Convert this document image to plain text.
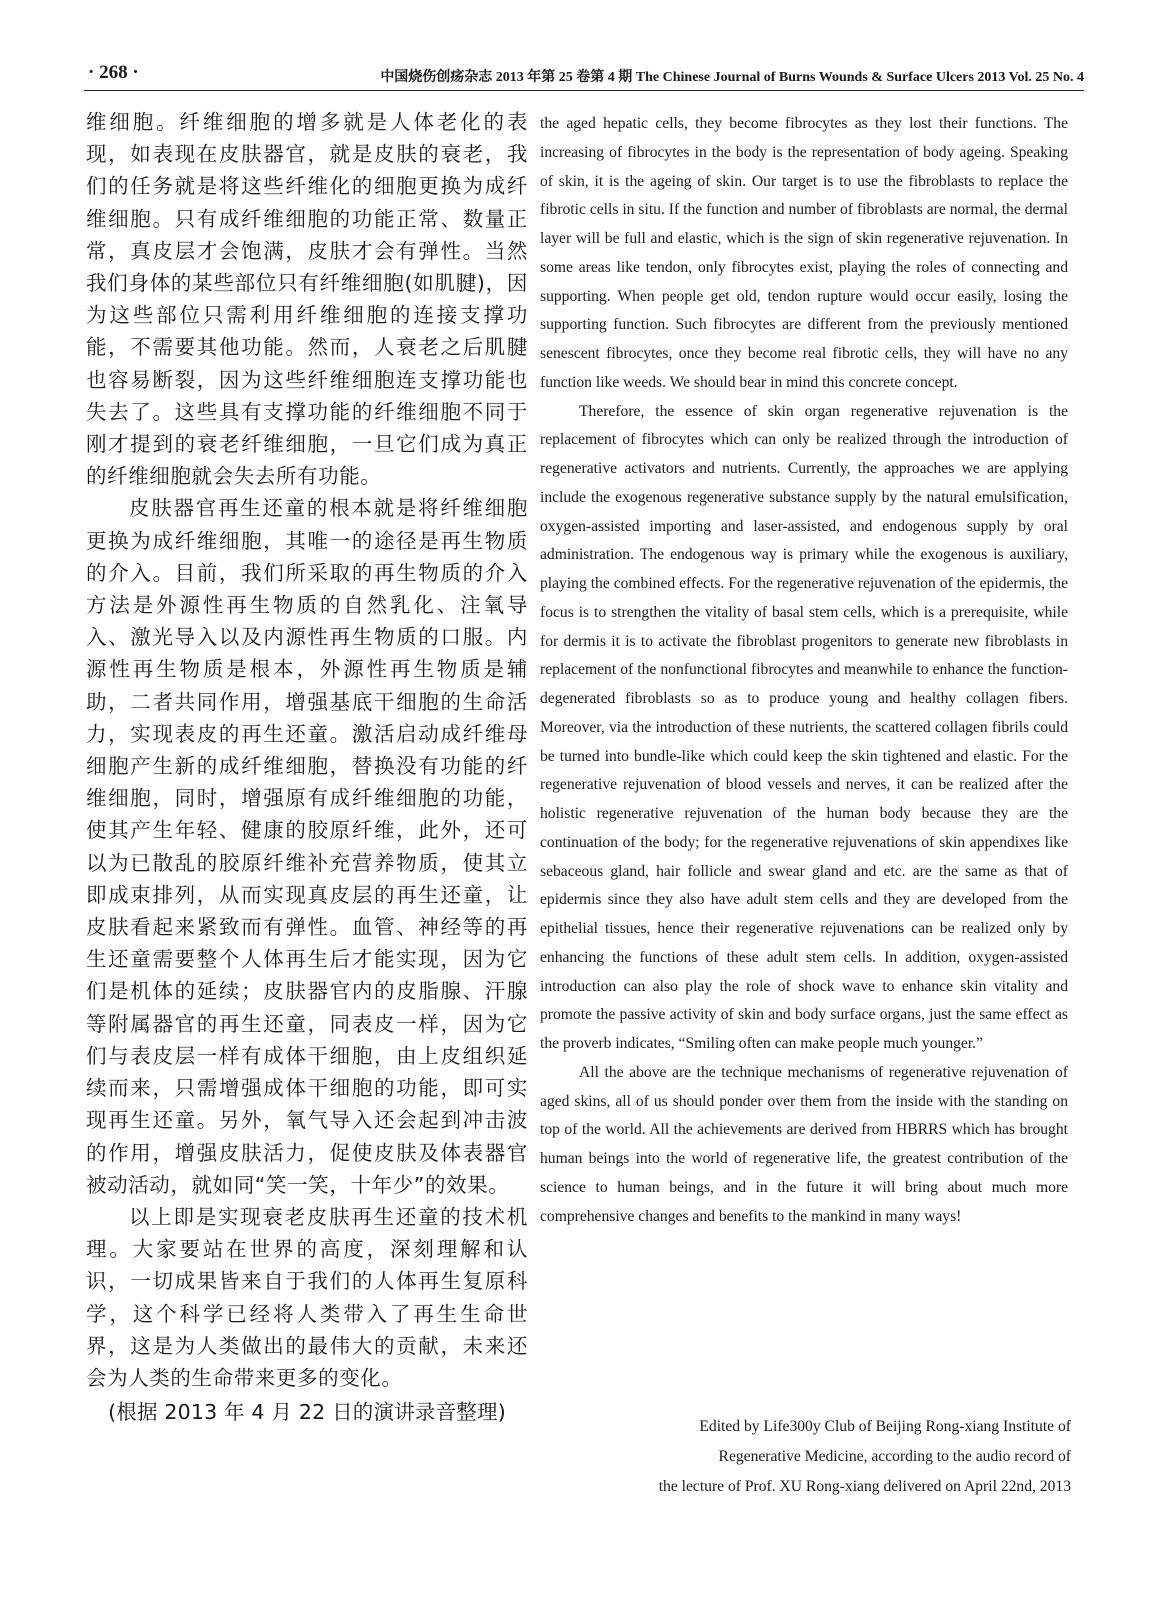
· 268 ·	中国烧伤创疡杂志 2013 年第 25 卷第 4 期 The Chinese Journal of Burns Wounds & Surface Ulcers 2013 Vol. 25 No. 4

维细胞。纤维细胞的增多就是人体老化的表现，如表现在皮肤器官，就是皮肤的衰老，我们的任务就是将这些纤维化的细胞更换为成纤维细胞。只有成纤维细胞的功能正常、数量正常，真皮层才会饱满，皮肤才会有弹性。当然我们身体的某些部位只有纤维细胞(如肌腱)，因为这些部位只需利用纤维细胞的连接支撑功能，不需要其他功能。然而，人衰老之后肌腱也容易断裂，因为这些纤维细胞连支撑功能也失去了。这些具有支撑功能的纤维细胞不同于刚才提到的衰老纤维细胞，一旦它们成为真正的纤维细胞就会失去所有功能。

皮肤器官再生还童的根本就是将纤维细胞更换为成纤维细胞，其唯一的途径是再生物质的介入。目前，我们所采取的再生物质的介入方法是外源性再生物质的自然乳化、注氧导入、激光导入以及内源性再生物质的口服。内源性再生物质是根本，外源性再生物质是辅助，二者共同作用，增强基底干细胞的生命活力，实现表皮的再生还童。激活启动成纤维母细胞产生新的成纤维细胞，替换没有功能的纤维细胞，同时，增强原有成纤维细胞的功能，使其产生年轻、健康的胶原纤维，此外，还可以为已散乱的胶原纤维补充营养物质，使其立即成束排列，从而实现真皮层的再生还童，让皮肤看起来紧致而有弹性。血管、神经等的再生还童需要整个人体再生后才能实现，因为它们是机体的延续；皮肤器官内的皮脂腺、汗腺等附属器官的再生还童，同表皮一样，因为它们与表皮层一样有成体干细胞，由上皮组织延续而来，只需增强成体干细胞的功能，即可实现再生还童。另外，氧气导入还会起到冲击波的作用，增强皮肤活力，促使皮肤及体表器官被动活动，就如同“笑一笑，十年少”的效果。

以上即是实现衰老皮肤再生还童的技术机理。大家要站在世界的高度，深刻理解和认识，一切成果皆来自于我们的人体再生复原科学，这个科学已经将人类带入了再生生命世界，这是为人类做出的最伟大的贡献，未来还会为人类的生命带来更多的变化。

(根据 2013 年 4 月 22 日的演讲录音整理)

the aged hepatic cells, they become fibrocytes as they lost their functions. The increasing of fibrocytes in the body is the representation of body ageing. Speaking of skin, it is the ageing of skin. Our target is to use the fibroblasts to replace the fibrotic cells in situ. If the function and number of fibroblasts are normal, the dermal layer will be full and elastic, which is the sign of skin regenerative rejuvenation. In some areas like tendon, only fibrocytes exist, playing the roles of connecting and supporting. When people get old, tendon rupture would occur easily, losing the supporting function. Such fibrocytes are different from the previously mentioned senescent fibrocytes, once they become real fibrotic cells, they will have no any function like weeds. We should bear in mind this concrete concept.

Therefore, the essence of skin organ regenerative rejuvenation is the replacement of fibrocytes which can only be realized through the introduction of regenerative activators and nutrients. Currently, the approaches we are applying include the exogenous regenerative substance supply by the natural emulsification, oxygen-assisted importing and laser-assisted, and endogenous supply by oral administration. The endogenous way is primary while the exogenous is auxiliary, playing the combined effects. For the regenerative rejuvenation of the epidermis, the focus is to strengthen the vitality of basal stem cells, which is a prerequisite, while for dermis it is to activate the fibroblast progenitors to generate new fibroblasts in replacement of the nonfunctional fibrocytes and meanwhile to enhance the function-degenerated fibroblasts so as to produce young and healthy collagen fibers. Moreover, via the introduction of these nutrients, the scattered collagen fibrils could be turned into bundle-like which could keep the skin tightened and elastic. For the regenerative rejuvenation of blood vessels and nerves, it can be realized after the holistic regenerative rejuvenation of the human body because they are the continuation of the body; for the regenerative rejuvenations of skin appendixes like sebaceous gland, hair follicle and swear gland and etc. are the same as that of epidermis since they also have adult stem cells and they are developed from the epithelial tissues, hence their regenerative rejuvenations can be realized only by enhancing the functions of these adult stem cells. In addition, oxygen-assisted introduction can also play the role of shock wave to enhance skin vitality and promote the passive activity of skin and body surface organs, just the same effect as the proverb indicates, “Smiling often can make people much younger.”

All the above are the technique mechanisms of regenerative rejuvenation of aged skins, all of us should ponder over them from the inside with the standing on top of the world. All the achievements are derived from HBRRS which has brought human beings into the world of regenerative life, the greatest contribution of the science to human beings, and in the future it will bring about much more comprehensive changes and benefits to the mankind in many ways!

Edited by Life300y Club of Beijing Rong-xiang Institute of
Regenerative Medicine, according to the audio record of
the lecture of Prof. XU Rong-xiang delivered on April 22nd, 2013
